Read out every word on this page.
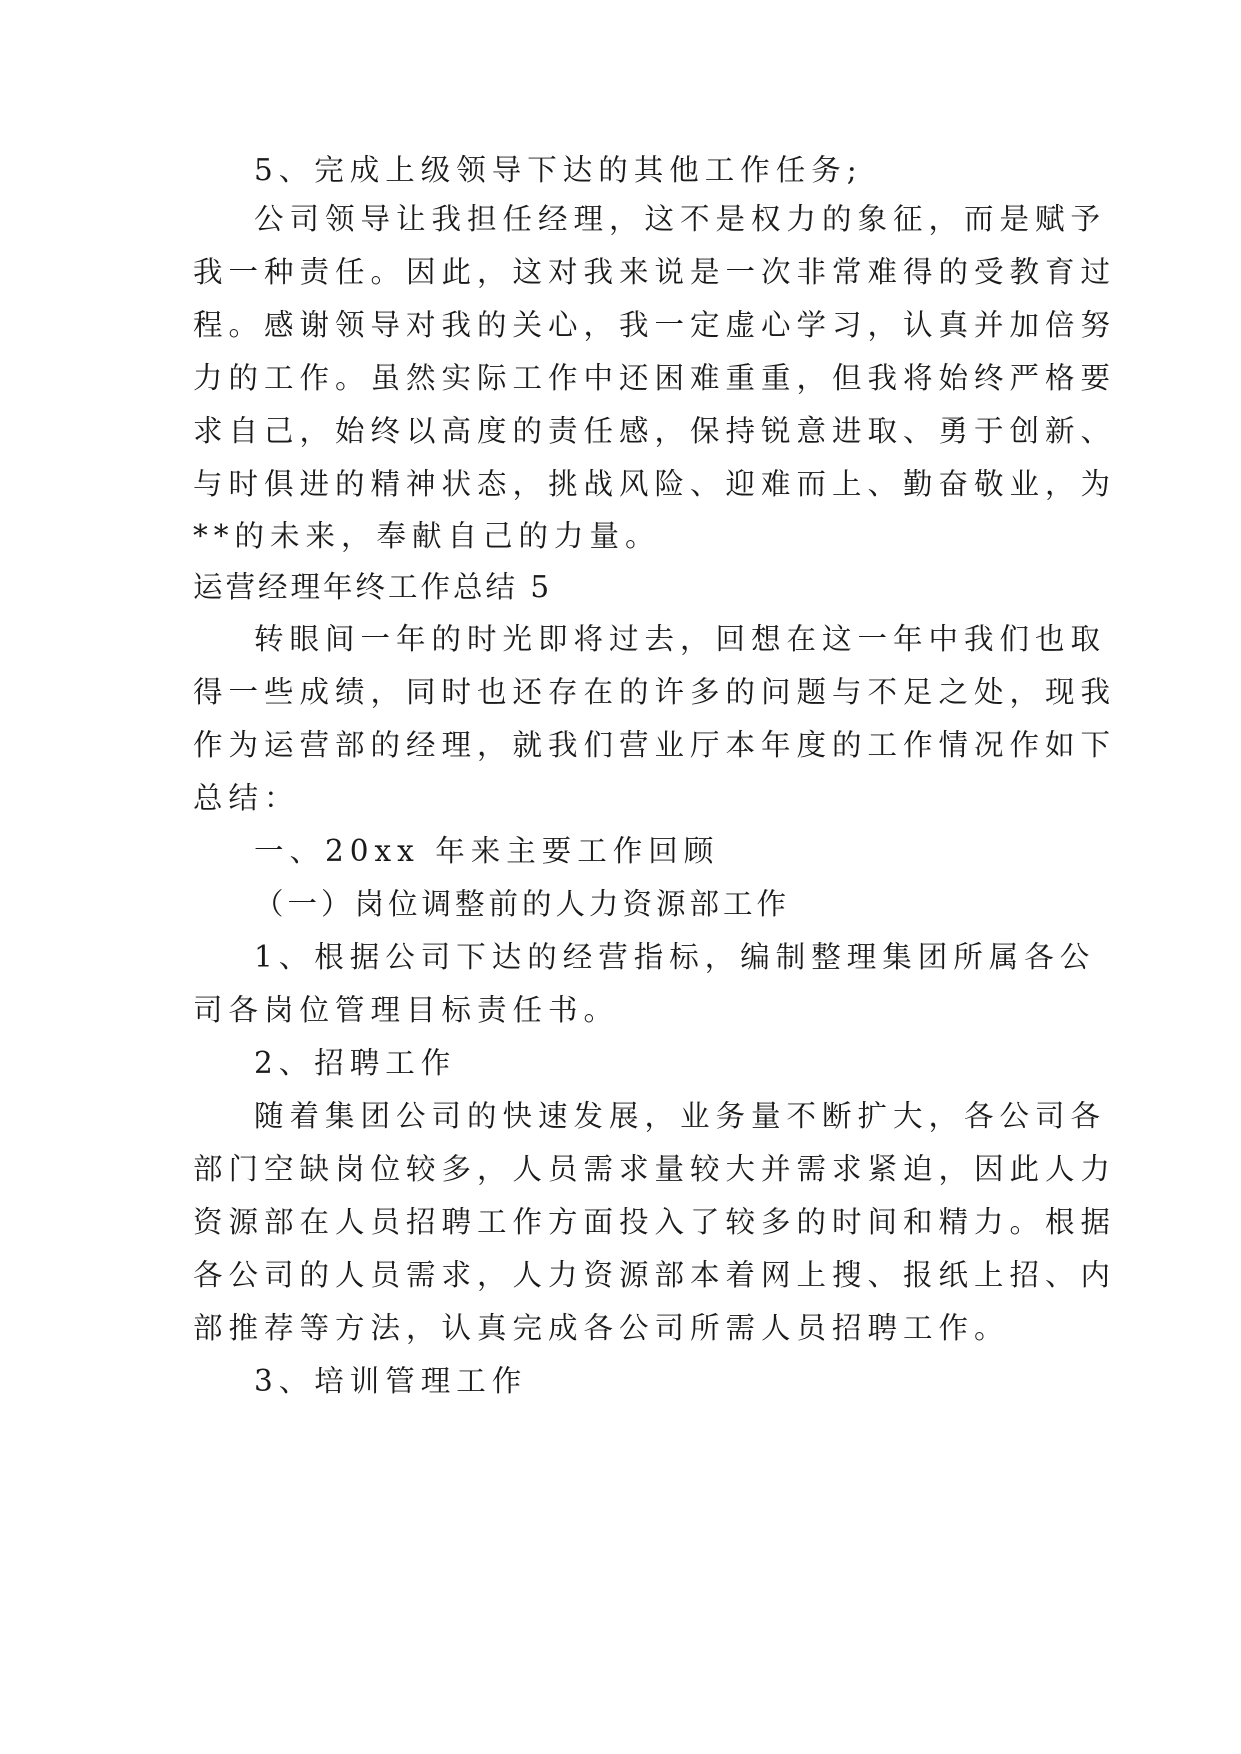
5、完成上级领导下达的其他工作任务;
公司领导让我担任经理，这不是权力的象征，而是赋予
我一种责任。因此，这对我来说是一次非常难得的受教育过
程。感谢领导对我的关心，我一定虚心学习，认真并加倍努
力的工作。虽然实际工作中还困难重重，但我将始终严格要
求自己，始终以高度的责任感，保持锐意进取、勇于创新、
与时俱进的精神状态，挑战风险、迎难而上、勤奋敬业，为
**的未来，奉献自己的力量。
运营经理年终工作总结 5
转眼间一年的时光即将过去，回想在这一年中我们也取
得一些成绩，同时也还存在的许多的问题与不足之处，现我
作为运营部的经理，就我们营业厅本年度的工作情况作如下
总结：
一、20xx 年来主要工作回顾
（一）岗位调整前的人力资源部工作
1、根据公司下达的经营指标，编制整理集团所属各公
司各岗位管理目标责任书。
2、招聘工作
随着集团公司的快速发展，业务量不断扩大，各公司各
部门空缺岗位较多，人员需求量较大并需求紧迫，因此人力
资源部在人员招聘工作方面投入了较多的时间和精力。根据
各公司的人员需求，人力资源部本着网上搜、报纸上招、内
部推荐等方法，认真完成各公司所需人员招聘工作。
3、培训管理工作
